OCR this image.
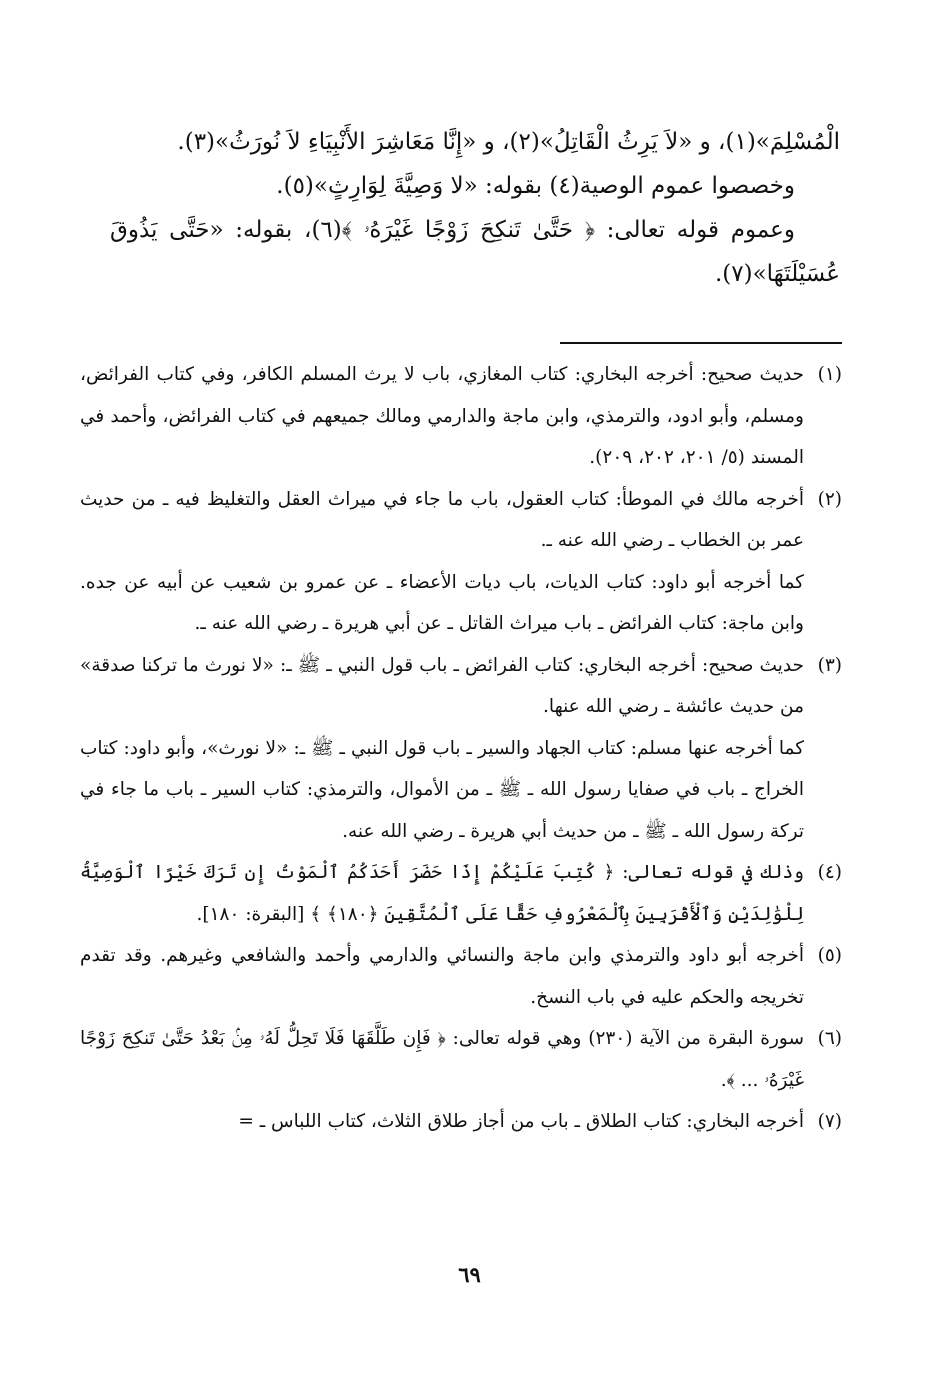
الْمُسْلِمَ»(١)، و «لاَ يَرِثُ الْقَاتِلُ»(٢)، و «إِنَّا مَعَاشِرَ الأَنْبِيَاءِ لاَ نُورَثُ»(٣).

وخصصوا عموم الوصية(٤) بقوله: «لا وَصِيَّةَ لِوَارِثٍ»(٥).

وعموم قوله تعالى: ﴿ حَتَّىٰ تَنكِحَ زَوْجًا غَيْرَهُۥ ﴾(٦)، بقوله: «حَتَّى يَذُوقَ عُسَيْلَتَهَا»(٧).

(١)

حديث صحيح: أخرجه البخاري: كتاب المغازي، باب لا يرث المسلم الكافر، وفي كتاب الفرائض، ومسلم، وأبو ادود، والترمذي، وابن ماجة والدارمي ومالك جميعهم في كتاب الفرائض، وأحمد في المسند (٥/ ٢٠١، ٢٠٢، ٢٠٩).

(٢)

أخرجه مالك في الموطأ: كتاب العقول، باب ما جاء في ميراث العقل والتغليظ فيه ـ من حديث عمر بن الخطاب ـ رضي الله عنه ـ.

كما أخرجه أبو داود: كتاب الديات، باب ديات الأعضاء ـ عن عمرو بن شعيب عن أبيه عن جده. وابن ماجة: كتاب الفرائض ـ باب ميراث القاتل ـ عن أبي هريرة ـ رضي الله عنه ـ.

(٣)

حديث صحيح: أخرجه البخاري: كتاب الفرائض ـ باب قول النبي ـ ﷺ ـ: «لا نورث ما تركنا صدقة» من حديث عائشة ـ رضي الله عنها.

كما أخرجه عنها مسلم: كتاب الجهاد والسير ـ باب قول النبي ـ ﷺ ـ: «لا نورث»، وأبو داود: كتاب الخراج ـ باب في صفايا رسول الله ـ ﷺ ـ من الأموال، والترمذي: كتاب السير ـ باب ما جاء في تركة رسول الله ـ ﷺ ـ من حديث أبي هريرة ـ رضي الله عنه.

(٤)

وذلك في قوله تعالى: ﴿ كُتِبَ عَلَيْكُمْ إِذَا حَضَرَ أَحَدَكُمُ ٱلْمَوْتُ إِن تَرَكَ خَيْرًا ٱلْوَصِيَّةُ لِلْوَٰلِدَيْنِ وَٱلْأَقْرَبِينَ بِٱلْمَعْرُوفِ حَقًّا عَلَى ٱلْمُتَّقِينَ ﴿١٨٠﴾ ﴾ [البقرة: ١٨٠].

(٥)

أخرجه أبو داود والترمذي وابن ماجة والنسائي والدارمي وأحمد والشافعي وغيرهم. وقد تقدم تخريجه والحكم عليه في باب النسخ.

(٦)

سورة البقرة من الآية (٢٣٠) وهي قوله تعالى: ﴿ فَإِن طَلَّقَهَا فَلَا تَحِلُّ لَهُۥ مِنۢ بَعْدُ حَتَّىٰ تَنكِحَ زَوْجًا غَيْرَهُۥ ... ﴾.

(٧)

أخرجه البخاري: كتاب الطلاق ـ باب من أجاز طلاق الثلاث، كتاب اللباس ـ =

٦٩
